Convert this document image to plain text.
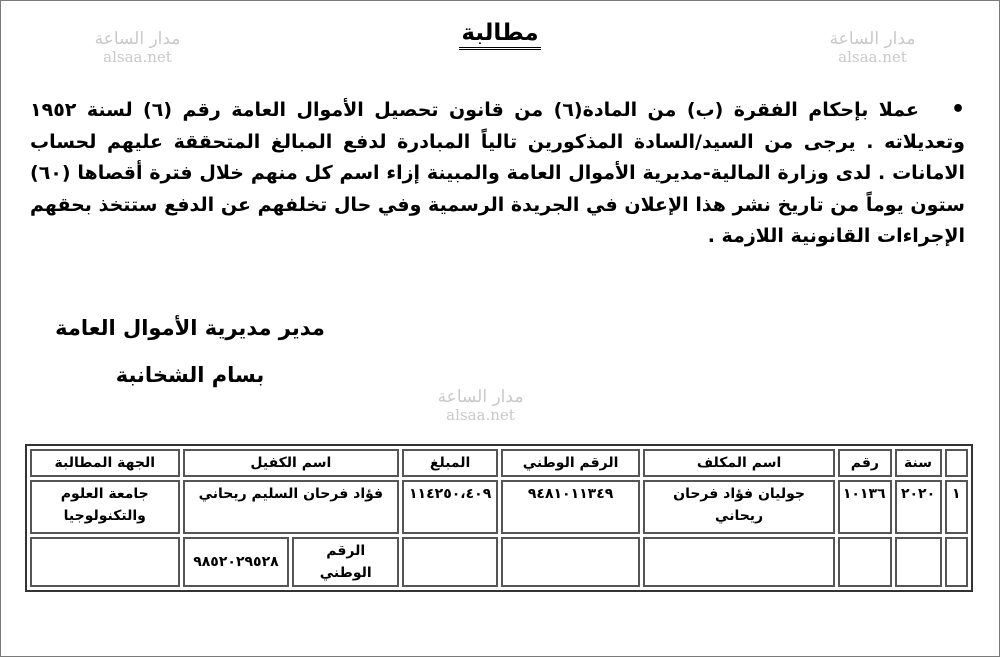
مدار الساعة
alsaa.net
مدار الساعة
alsaa.net
مدار الساعة
alsaa.net
مطالبة
•عملا بإحكام الفقرة (ب) من المادة(٦) من قانون تحصيل الأموال العامة رقم (٦) لسنة ١٩٥٢ وتعديلاته . يرجى من السيد/السادة المذكورين تالياً المبادرة لدفع المبالغ المتحققة عليهم لحساب الامانات . لدى وزارة المالية-مديرية الأموال العامة والمبينة إزاء اسم كل منهم خلال فترة أقصاها (٦٠) ستون يوماً من تاريخ نشر هذا الإعلان في الجريدة الرسمية وفي حال تخلفهم عن الدفع ستتخذ بحقهم الإجراءات القانونية اللازمة .
مدير مديرية الأموال العامة
بسام الشخانبة
	سنة	رقم	اسم المكلف	الرقم الوطني	المبلغ	اسم الكفيل		الجهة المطالبة
١	٢٠٢٠	١٠١٣٦	جوليان فؤاد فرحان ريحاني	٩٤٨١٠١١٣٤٩	١١٤٢٥٠،٤٠٩	فؤاد فرحان السليم ريحاني		جامعة العلوم والتكنولوجيا
						الرقم الوطني	٩٨٥٢٠٢٩٥٢٨	
